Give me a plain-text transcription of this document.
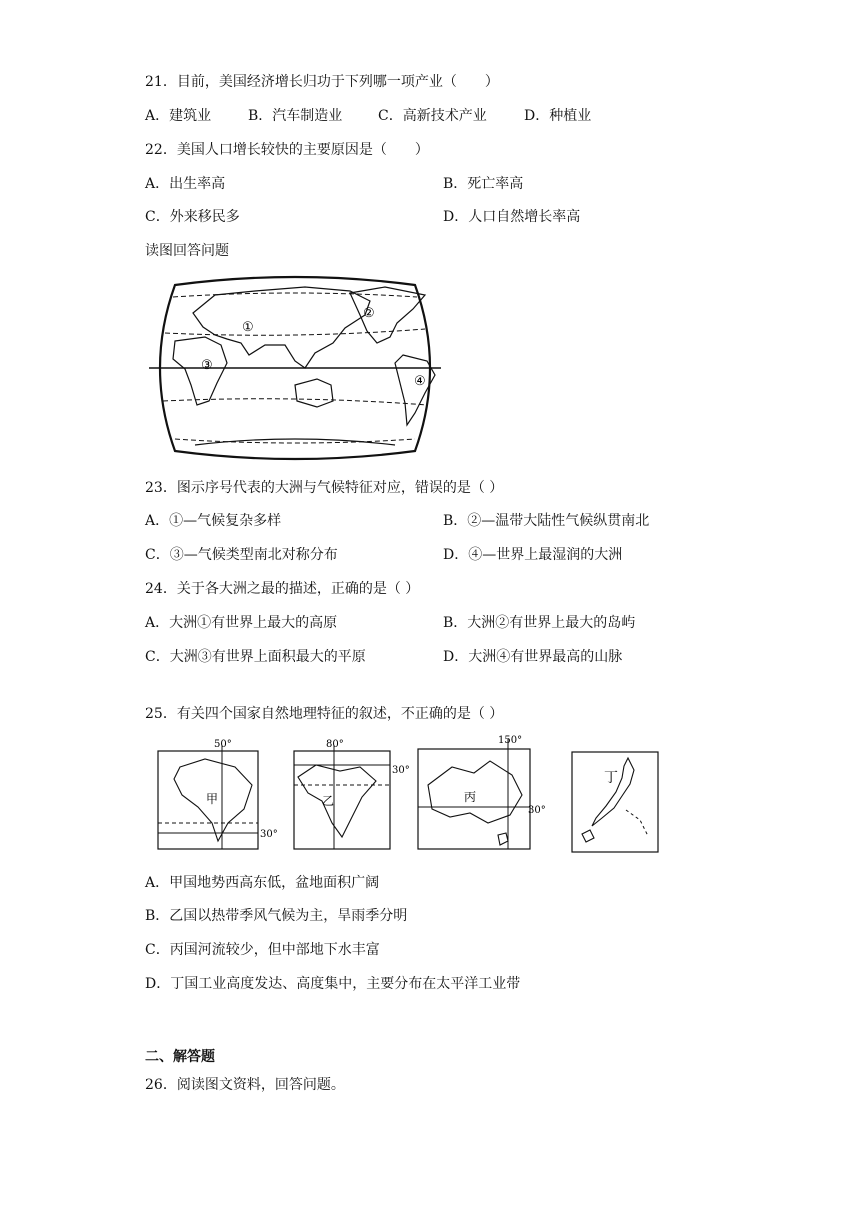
21．目前，美国经济增长归功于下列哪一项产业（　　）
A．建筑业	B．汽车制造业	C．高新技术产业	D．种植业
22．美国人口增长较快的主要原因是（　　）
A．出生率高	B．死亡率高
C．外来移民多	D．人口自然增长率高
读图回答问题
①
②
③
④
23．图示序号代表的大洲与气候特征对应，错误的是（ ）
A．①—气候复杂多样	B．②—温带大陆性气候纵贯南北
C．③—气候类型南北对称分布	D．④—世界上最湿润的大洲
24．关于各大洲之最的描述，正确的是（ ）
A．大洲①有世界上最大的高原	B．大洲②有世界上最大的岛屿
C．大洲③有世界上面积最大的平原	D．大洲④有世界最高的山脉
25．有关四个国家自然地理特征的叙述，不正确的是（ ）
50°
30°
甲
80°
30°
乙
150°
30°
丙
丁
A．甲国地势西高东低，盆地面积广阔
B．乙国以热带季风气候为主，旱雨季分明
C．丙国河流较少，但中部地下水丰富
D．丁国工业高度发达、高度集中，主要分布在太平洋工业带
二、解答题
26．阅读图文资料，回答问题。
